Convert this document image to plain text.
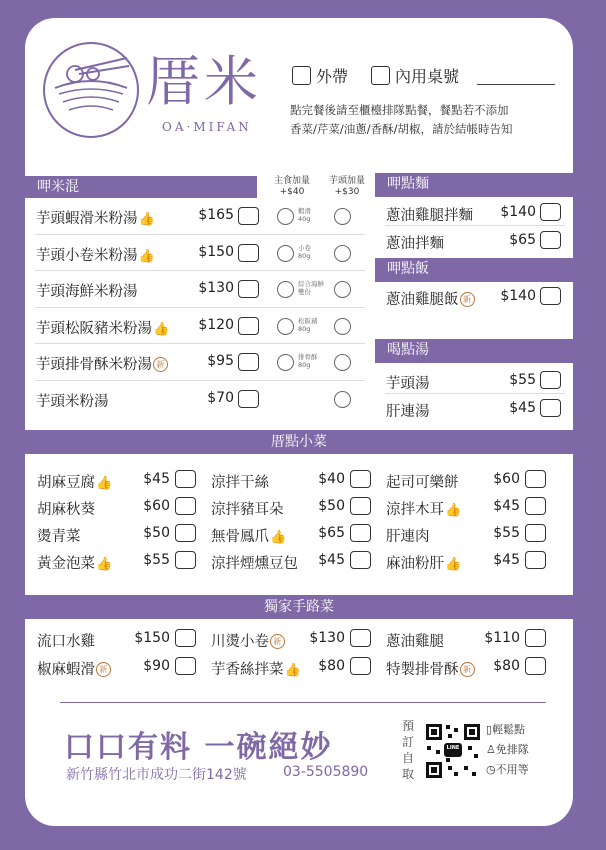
厝米
OA·MIFAN
外帶	內用桌號
點完餐後請至櫃檯排隊點餐，餐點若不添加
香菜/芹菜/油蔥/香酥/胡椒，請於結帳時告知
呷米混	主食加量
+$40
芋頭加量
+$30
芋頭蝦滑米粉湯👍	$165	蝦滑
40g
芋頭小卷米粉湯👍	$150	小卷
80g
芋頭海鮮米粉湯	$130	綜合海鮮
雙份
芋頭松阪豬米粉湯👍	$120	松阪豬
80g
芋頭排骨酥米粉湯 新	$95	排骨酥
80g
芋頭米粉湯	$70
呷點麵
蔥油雞腿拌麵	$140
蔥油拌麵	$65
呷點飯
蔥油雞腿飯 新	$140
喝點湯
芋頭湯	$55
肝連湯	$45
厝點小菜
胡麻豆腐👍	$45	涼拌干絲	$40	起司可樂餅	$60
胡麻秋葵	$60	涼拌豬耳朵	$50	涼拌木耳👍	$45
燙青菜	$50	無骨鳳爪👍	$65	肝連肉	$55
黃金泡菜👍	$55	涼拌煙燻豆包	$45	麻油粉肝👍	$45
獨家手路菜
流口水雞	$150	川燙小卷 新	$130	蔥油雞腿	$110
椒麻蝦滑 新	$90	芋香絲拌菜👍	$80	特製排骨酥 新	$80
口口有料 一碗絕妙
新竹縣竹北市成功二街142號	03-5505890
預訂自取
LINE
▯輕鬆點
♙免排隊
◷不用等
